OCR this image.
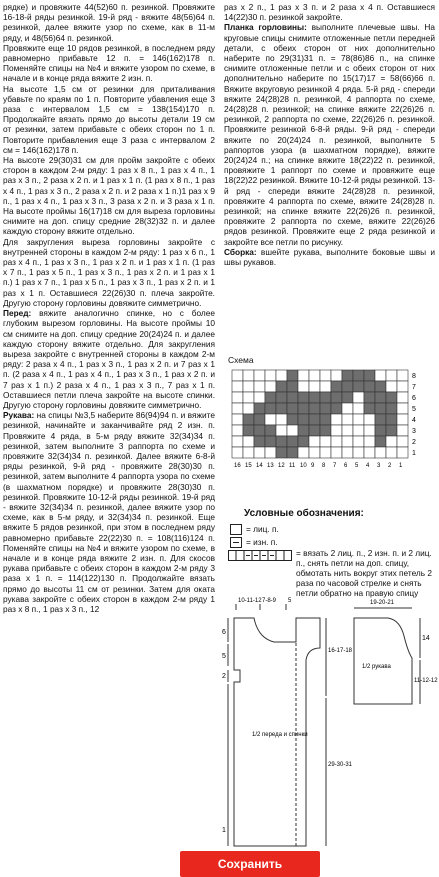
рядке) и провяжите 44(52)60 п. резинкой. Провяжите 16-18-й ряды резинкой. 19-й ряд - вяжите 48(56)64 п. резинкой, далее вяжите узор по схеме, как в 11-м ряду, и 48(56)64 п. резинкой.

Провяжите еще 10 рядов резинкой, в последнем ряду равномерно прибавьте 12 п. = 146(162)178 п. Поменяйте спицы на №4 и вяжите узором по схеме, в начале и в конце ряда вяжите 2 изн. п.

На высоте 1,5 см от резинки для приталивания убавьте по краям по 1 п. Повторите убавления еще 3 раза с интервалом 1,5 см = 138(154)170 п. Продолжайте вязать прямо до высоты детали 19 см от резинки, затем прибавьте с обеих сторон по 1 п. Повторите прибавления еще 3 раза с интервалом 2 см = 146(162)178 п.

На высоте 29(30)31 см для пройм закройте с обеих сторон в каждом 2-м ряду: 1 раз x 8 п., 1 раз x 4 п., 1 раз x 3 п., 2 раза x 2 п. и 1 раз x 1 п. (1 раз x 8 п., 1 раз x 4 п., 1 раз x 3 п., 2 раза x 2 п. и 2 раза x 1 п.)1 раз x 9 п., 1 раз x 4 п., 1 раз x 3 п., 3 раза x 2 п. и 3 раза x 1 п. На высоте проймы 16(17)18 см для выреза горловины снимите на доп. спицу средние 28(32)32 п. и далее каждую сторону вяжите отдельно.

Для закругления выреза горловины закройте с внутренней стороны в каждом 2-м ряду: 1 раз x 6 п., 1 раз x 4 п., 1 раз x 3 п., 1 раз x 2 п. и 1 раз x 1 п. (1 раз x 7 п., 1 раз x 5 п., 1 раз x 3 п., 1 раз x 2 п. и 1 раз x 1 п.) 1 раз x 7 п., 1 раз x 5 п., 1 раз x 3 п., 1 раз x 2 п. и 1 раз x 1 п. Оставшиеся 22(26)30 п. плеча закройте. Другую сторону горловины довяжите симметрично.

Перед: вяжите аналогично спинке, но с более глубоким вырезом горловины. На высоте проймы 10 см снимите на доп. спицу средние 20(24)24 п. и далее каждую сторону вяжите отдельно. Для закругления выреза закройте с внутренней стороны в каждом 2-м ряду: 2 раза x 4 п., 1 раз x 3 п., 1 раз x 2 п. и 7 раз x 1 п. (2 раза x 4 п., 1 раз x 4 п., 1 раз x 3 п., 1 раз x 2 п. и 7 раз x 1 п.) 2 раза x 4 п., 1 раз x 3 п., 7 раз x 1 п. Оставшиеся петли плеча закройте на высоте спинки. Другую сторону горловины довяжите симметрично.

Рукава: на спицы №3,5 наберите 86(94)94 п. и вяжите резинкой, начинайте и заканчивайте ряд 2 изн. п. Провяжите 4 ряда, в 5-м ряду вяжите 32(34)34 п. резинкой, затем выполните 3 раппорта по схеме и провяжите 32(34)34 п. резинкой. Далее вяжите 6-8-й ряды резинкой, 9-й ряд - провяжите 28(30)30 п. резинкой, затем выполните 4 раппорта узора по схеме (в шахматном порядке) и провяжите 28(30)30 п. резинкой. Провяжите 10-12-й ряды резинкой. 19-й ряд - вяжите 32(34)34 п. резинкой, далее вяжите узор по схеме, как в 5-м ряду, и 32(34)34 п. резинкой. Еще вяжите 5 рядов резинкой, при этом в последнем ряду равномерно прибавьте 22(22)30 п. = 108(116)124 п. Поменяйте спицы на №4 и вяжите узором по схеме, в начале и в конце ряда вяжите 2 изн. п. Для скосов рукава прибавьте с обеих сторон в каждом 2-м ряду 3 раза x 1 п. = 114(122)130 п. Продолжайте вязать прямо до высоты 11 см от резинки. Затем для оката рукава закройте с обеих сторон в каждом 2-м ряду 1 раз x 8 п., 1 раз x 3 п., 12

раз x 2 п., 1 раз x 3 п. и 2 раза x 4 п. Оставшиеся 14(22)30 п. резинкой закройте.

Планка горловины: выполните плечевые швы. На круговые спицы снимите отложенные петли передней детали, с обеих сторон от них дополнительно наберите по 29(31)31 п. = 78(86)86 п., на спинке снимите отложенные петли и с обеих сторон от них дополнительно наберите по 15(17)17 = 58(66)66 п. Вяжите вкруговую резинкой 4 ряда. 5-й ряд - спереди вяжите 24(28)28 п. резинкой, 4 раппорта по схеме, 24(28)28 п. резинкой; на спинке вяжите 22(26)26 п. резинкой, 2 раппорта по схеме, 22(26)26 п. резинкой. Провяжите резинкой 6-8-й ряды. 9-й ряд - спереди вяжите по 20(24)24 п. резинкой, выполните 5 раппортов узора (в шахматном порядке), вяжите 20(24)24 п.; на спинке вяжите 18(22)22 п. резинкой, провяжите 1 раппорт по схеме и провяжите еще 18(22)22 резинкой. Вяжите 10-12-й ряды резинкой. 13-й ряд - спереди вяжите 24(28)28 п. резинкой, провяжите 4 раппорта по схеме, вяжите 24(28)28 п. резинкой; на спинке вяжите 22(26)26 п. резинкой, провяжите 2 раппорта по схеме, вяжите 22(26)26 рядов резинкой. Провяжите еще 2 ряда резинкой и закройте все петли по рисунку.

Сборка: вшейте рукава, выполните боковые швы и швы рукавов.

Схема
8
7
6
5
4
3
2
1
16 15 14 13 12 11 10 9 8 7 6 5 4 3 2 1
Условные обозначения:
= лиц. п.
= изн. п.
= вязать 2 лиц. п., 2 изн. п. и 2 лиц. п., снять петли на доп. спицу, обмотать нить вокруг этих петель 2 раза по часовой стрелке и снять петли обратно на правую спицу
10-11-12 7-8-9 5
6
5
2
1
16-17-18
29-30-31
1/2 переда и спинки
19-20-21
14
11-12-12
1/2 рукава
Сохранить
